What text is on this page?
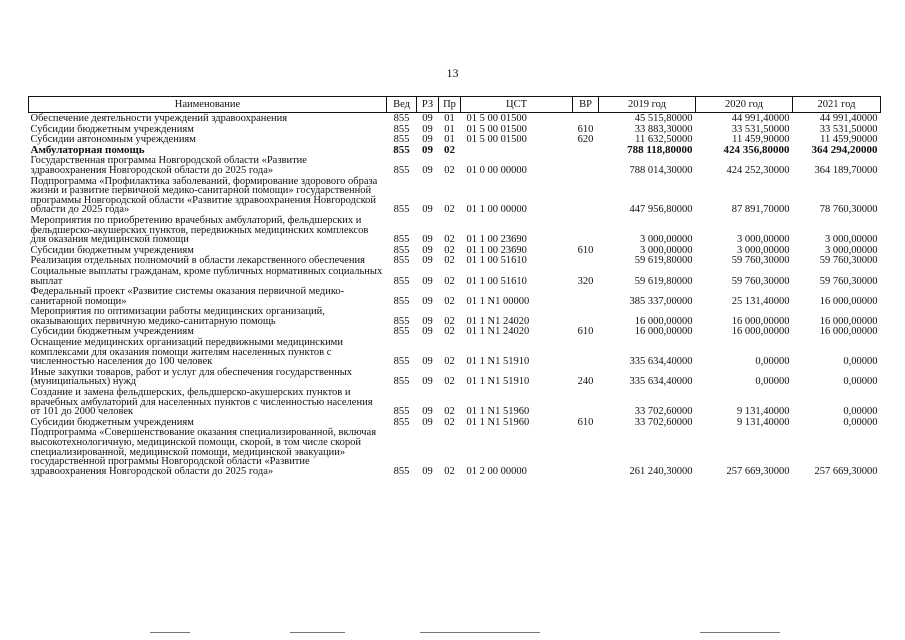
13
Наименование	Вед	РЗ	Пр	ЦСТ	ВР	2019 год	2020 год	2021 год
Обеспечение деятельности учреждений здравоохранения	855	09	01	01 5 00 01500		45 515,80000	44 991,40000	44 991,40000
Субсидии бюджетным учреждениям	855	09	01	01 5 00 01500	610	33 883,30000	33 531,50000	33 531,50000
Субсидии автономным учреждениям	855	09	01	01 5 00 01500	620	11 632,50000	11 459,90000	11 459,90000
Амбулаторная помощь	855	09	02			788 118,80000	424 356,80000	364 294,20000
Государственная программа Новгородской области «Развитие здравоохранения Новгородской области до 2025 года»	855	09	02	01 0 00 00000		788 014,30000	424 252,30000	364 189,70000
Подпрограмма «Профилактика заболеваний, формирование здорового образа жизни и развитие первичной медико-санитарной помощи» государственной программы Новгородской области «Развитие здравоохранения Новгородской области до 2025 года»	855	09	02	01 1 00 00000		447 956,80000	87 891,70000	78 760,30000
Мероприятия по приобретению врачебных амбулаторий, фельдшерских и фельдшерско-акушерских пунктов, передвижных медицинских комплексов для оказания медицинской помощи	855	09	02	01 1 00 23690		3 000,00000	3 000,00000	3 000,00000
Субсидии бюджетным учреждениям	855	09	02	01 1 00 23690	610	3 000,00000	3 000,00000	3 000,00000
Реализация отдельных полномочий в области лекарственного обеспечения	855	09	02	01 1 00 51610		59 619,80000	59 760,30000	59 760,30000
Социальные выплаты гражданам, кроме публичных нормативных социальных выплат	855	09	02	01 1 00 51610	320	59 619,80000	59 760,30000	59 760,30000
Федеральный проект «Развитие системы оказания первичной медико-санитарной помощи»	855	09	02	01 1 N1 00000		385 337,00000	25 131,40000	16 000,00000
Мероприятия по оптимизации работы медицинских организаций, оказывающих первичную медико-санитарную помощь	855	09	02	01 1 N1 24020		16 000,00000	16 000,00000	16 000,00000
Субсидии бюджетным учреждениям	855	09	02	01 1 N1 24020	610	16 000,00000	16 000,00000	16 000,00000
Оснащение медицинских организаций передвижными медицинскими комплексами для оказания помощи жителям населенных пунктов с численностью населения до 100 человек	855	09	02	01 1 N1 51910		335 634,40000	0,00000	0,00000
Иные закупки товаров, работ и услуг для обеспечения государственных (муниципальных) нужд	855	09	02	01 1 N1 51910	240	335 634,40000	0,00000	0,00000
Создание и замена фельдшерских, фельдшерско-акушерских пунктов и врачебных амбулаторий для населенных пунктов с численностью населения от 101 до 2000 человек	855	09	02	01 1 N1 51960		33 702,60000	9 131,40000	0,00000
Субсидии бюджетным учреждениям	855	09	02	01 1 N1 51960	610	33 702,60000	9 131,40000	0,00000
Подпрограмма «Совершенствование оказания специализированной, включая высокотехнологичную, медицинской помощи, скорой, в том числе скорой специализированной, медицинской помощи, медицинской эвакуации» государственной программы Новгородской области «Развитие здравоохранения Новгородской области до 2025 года»	855	09	02	01 2 00 00000		261 240,30000	257 669,30000	257 669,30000
